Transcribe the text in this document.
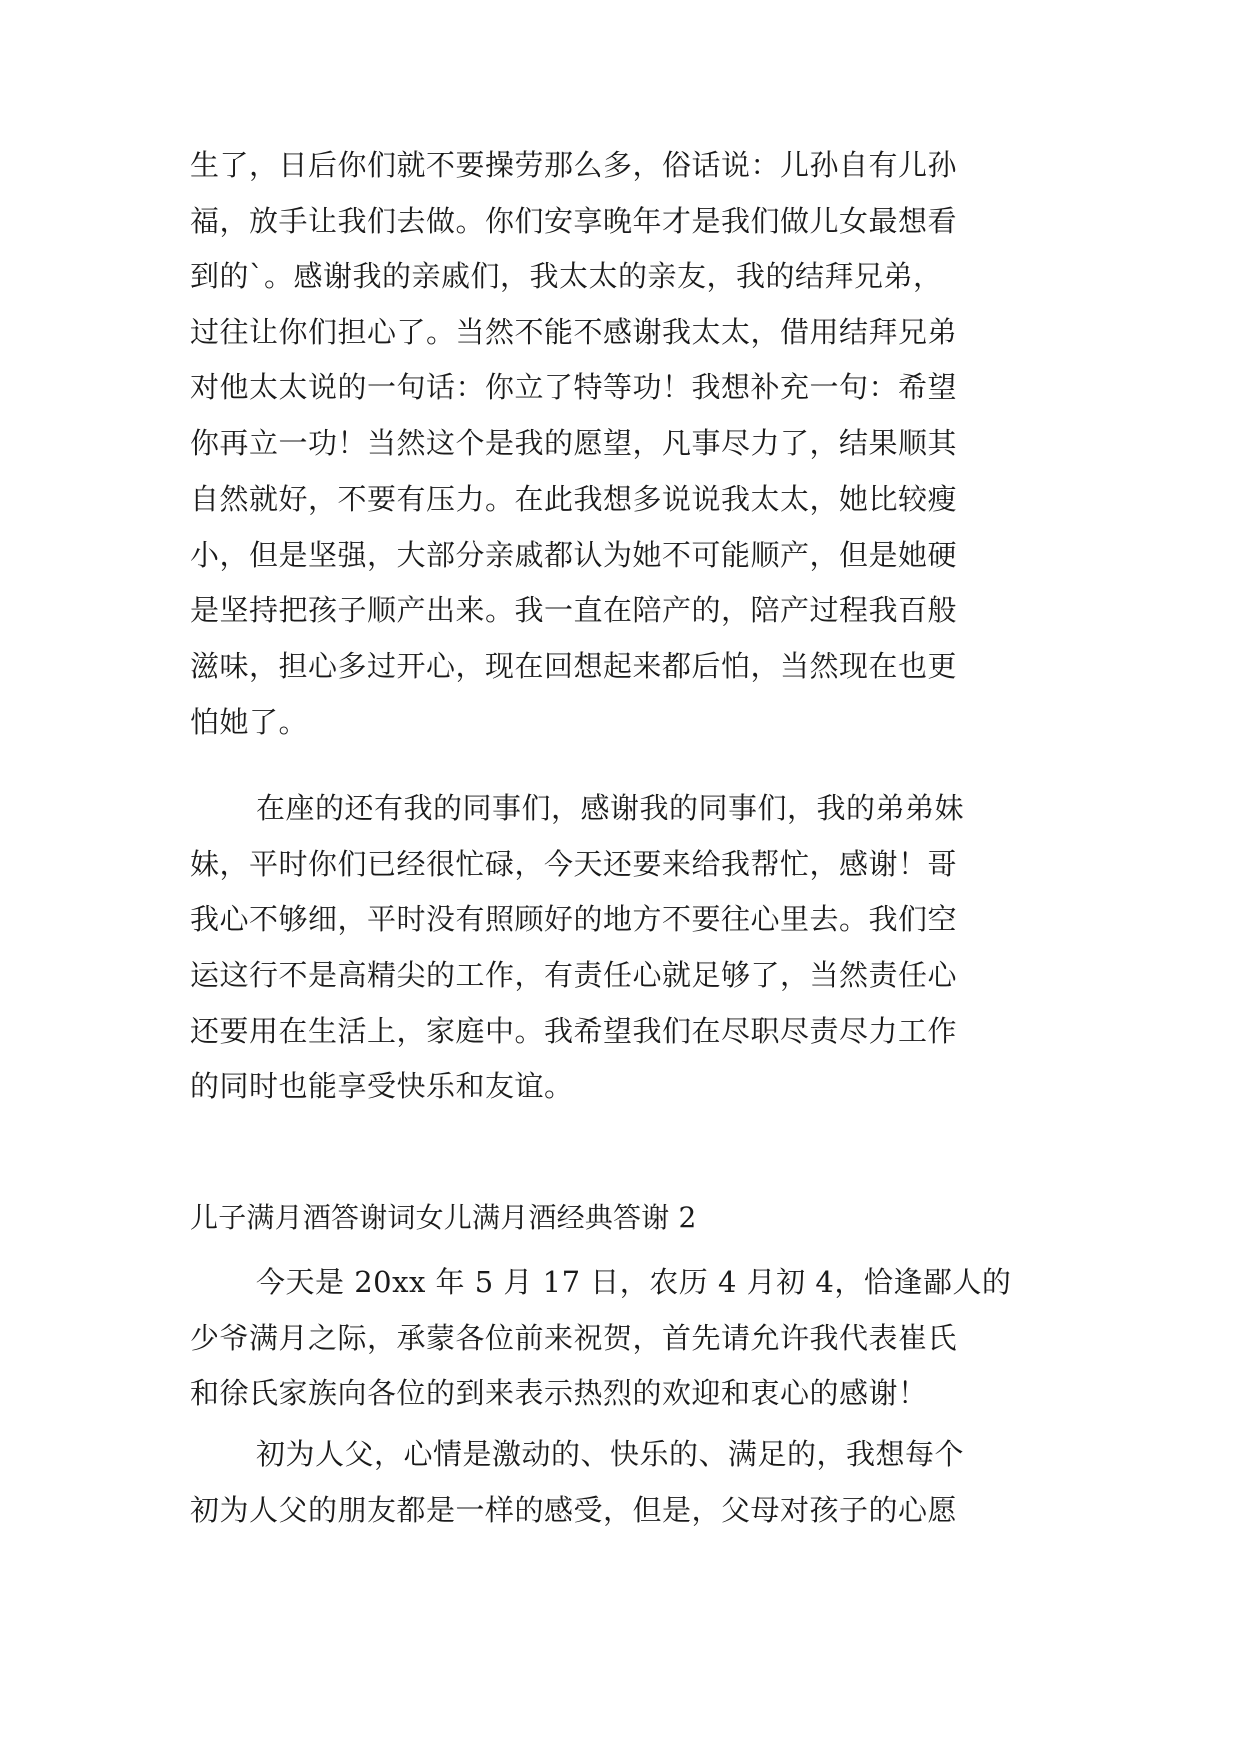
生了，日后你们就不要操劳那么多，俗话说：儿孙自有儿孙
福，放手让我们去做。你们安享晚年才是我们做儿女最想看
到的`。感谢我的亲戚们，我太太的亲友，我的结拜兄弟，
过往让你们担心了。当然不能不感谢我太太，借用结拜兄弟
对他太太说的一句话：你立了特等功！我想补充一句：希望
你再立一功！当然这个是我的愿望，凡事尽力了，结果顺其
自然就好，不要有压力。在此我想多说说我太太，她比较瘦
小，但是坚强，大部分亲戚都认为她不可能顺产，但是她硬
是坚持把孩子顺产出来。我一直在陪产的，陪产过程我百般
滋味，担心多过开心，现在回想起来都后怕，当然现在也更
怕她了。
在座的还有我的同事们，感谢我的同事们，我的弟弟妹
妹，平时你们已经很忙碌，今天还要来给我帮忙，感谢！哥
我心不够细，平时没有照顾好的地方不要往心里去。我们空
运这行不是高精尖的工作，有责任心就足够了，当然责任心
还要用在生活上，家庭中。我希望我们在尽职尽责尽力工作
的同时也能享受快乐和友谊。
儿子满月酒答谢词女儿满月酒经典答谢 2
今天是 20xx 年 5 月 17 日，农历 4 月初 4，恰逢鄙人的
少爷满月之际，承蒙各位前来祝贺，首先请允许我代表崔氏
和徐氏家族向各位的到来表示热烈的欢迎和衷心的感谢！
初为人父，心情是激动的、快乐的、满足的，我想每个
初为人父的朋友都是一样的感受，但是，父母对孩子的心愿
